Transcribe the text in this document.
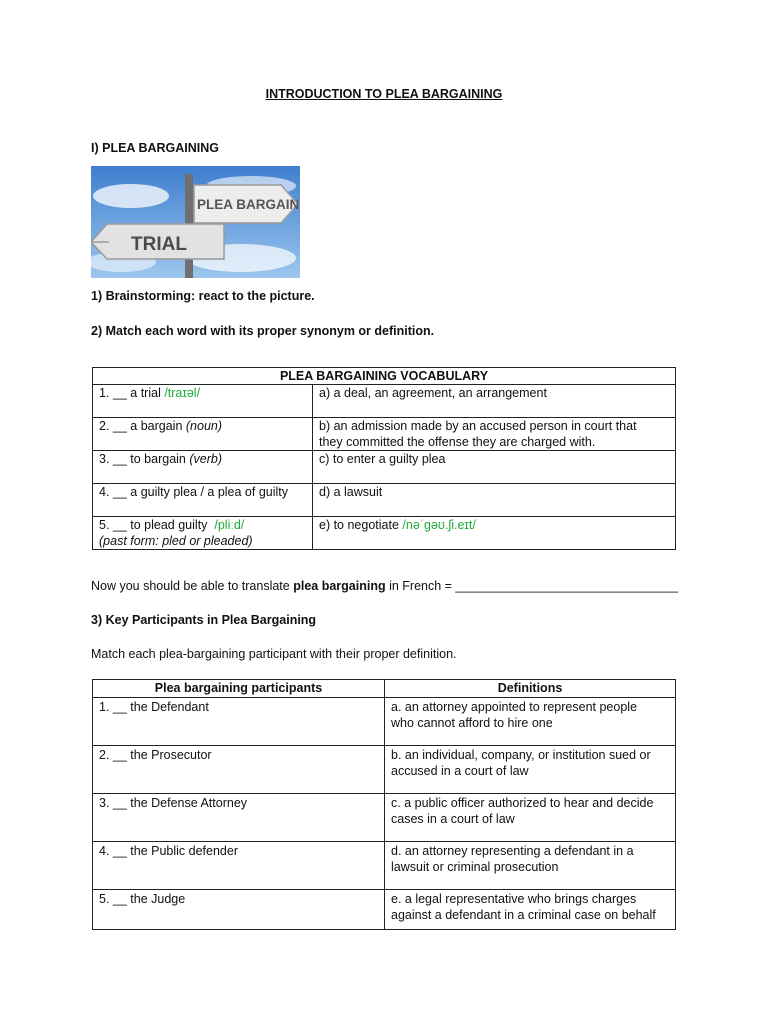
INTRODUCTION TO PLEA BARGAINING
I) PLEA BARGAINING
PLEA BARGAIN
TRIAL
1) Brainstorming: react to the picture.
2) Match each word with its proper synonym or definition.
PLEA BARGAINING VOCABULARY	
1. __ a trial /traɪəl/	a) a deal, an agreement, an arrangement
2. __ a bargain (noun)	b) an admission made by an accused person in court that
they committed the offense they are charged with.

3. __ to bargain (verb)	c) to enter a guilty plea
4. __ a guilty plea / a plea of guilty	d) a lawsuit

5. __ to plead guilty /pliːd/
(past form: pled or pleaded)	e) to negotiate /nəˈɡəʊ.ʃi.eɪt/
Now you should be able to translate plea bargaining in French = ________________________________
3) Key Participants in Plea Bargaining
Match each plea-bargaining participant with their proper definition.
Plea bargaining participants	Definitions

1. __ the Defendant	a. an attorney appointed to represent people
who cannot afford to hire one

2. __ the Prosecutor	b. an individual, company, or institution sued or
accused in a court of law

3. __ the Defense Attorney	c. a public officer authorized to hear and decide
cases in a court of law

4. __ the Public defender	d. an attorney representing a defendant in a
lawsuit or criminal prosecution

5. __ the Judge	e. a legal representative who brings charges
against a defendant in a criminal case on behalf
